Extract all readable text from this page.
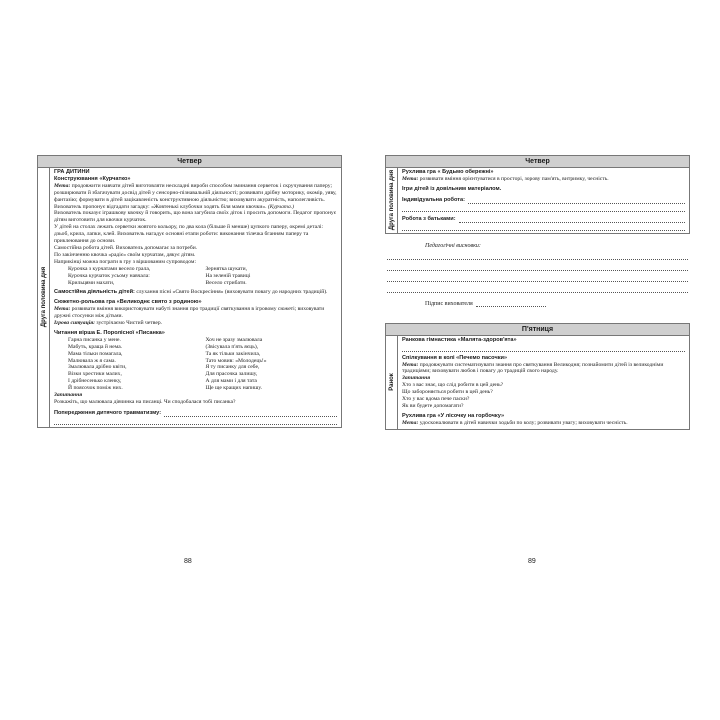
Четвер
Друга половина дня
ГРА ДИТИНИ
Конструювання «Курчатко»

Мета: продовжити навчати дітей виготовляти нескладні вироби способом зминання серветок і скручування паперу; розширювати й збагачувати досвід дітей у сенсорно-пізнавальній діяльності; розвивати дрібну моторику, окомір, уяву, фантазію; формувати в дітей зацікавленість конструктивною діяльністю; виховувати акуратність, наполегливість.

Вихователь пропонує відгадати загадку: «Жовтенькі клубочки ходять біля мами квочки». (Курчата.)

Вихователь показує іграшкову квочку й говорить, що вона загубила своїх діток і просить допомоги. Педагог пропонує дітям виготовити для квочки курчаток.

У дітей на столах лежать серветки жовтого кольору, по два кола (більше й менше) цупкого паперу, окремі деталі: дзьоб, крила, лапки, клей. Вихователь нагадує основні етапи роботи: виконання тілечка бганням паперу та приклеювання до основи.

Самостійна робота дітей. Вихователь допомагає за потреби.

По закінченню квочка «радіє» своїм курчатам, дякує дітям.

Наприкінці можна пограти в гру з віршованим супроводом:

Курочка з курчатами весело грала,
Курочка курчаток усьому навчала:
Крильцями махати,
Зернятка шукати,
На зеленій травиці
Весело стрибати.

Самостійна діяльність дітей: слухання пісні «Свято Воскресіння» (виховувати повагу до народних традицій).

Сюжетно-рольова гра «Великоднє свято з родиною»

Мета: розвивати вміння використовувати набуті знання про традиції святкування в ігровому сюжеті; виховувати дружні стосунки між дітьми.

Ігрова ситуація: зустрічаємо Чистий четвер.

Читання вірша Е. Поролісної «Писанка»
Гарна писанка у мене.
Мабуть, краща й нема.
Мама тільки помагала,
Малювала ж я сама.
Змалювала дрібно квіти,
Візки хрестики малих,
І дрібнесенько кленку,
Й поясочок поміж них.
Хоч не зразу змалювала
(Звісувала п'ять яєць),
Та як тільки закінчила,
Тато мовив: «Молодець!»
Я ту писанку для себе,
Для прасочка залишу,
А для мами і для тата
Ще ще кращих напишу.
Запитання

Розкажіть, що малювала дівчинка на писанці. Чи сподобалася тобі писанка?

Попередження дитячого травматизму:
88
Четвер
Друга половина дня Рухлива гра « Будьмо обережні»

Мета: розвивати вміння орієнтуватися в просторі, зорову пам'ять, витримку, чесність.

Ігри дітей із довільним матеріалом.
Індивідуальна робота:
Робота з батьками:
Педагогічні висновки:
Підпис вихователя
П'ятниця
Ранок
Ранкова гімнастика «Малята-здоров'ята»
Спілкування в колі «Печемо пасочки»

Мета: продовжувати систематизувати знання про святкування Великодня; познайомити дітей із великодніми традиціями; виховувати любов і повагу до традицій свого народу.

Запитання
Хто з вас знає, що слід робити в цей день?
Що забороняється робити в цей день?
Хто у вас вдома пече паски?
Як ви будете допомагати?
Рухлива гра «У лісочку на горбочку»

Мета: удосконалювати в дітей навички ходьби по колу; розвивати увагу; виховувати чесність.

89
